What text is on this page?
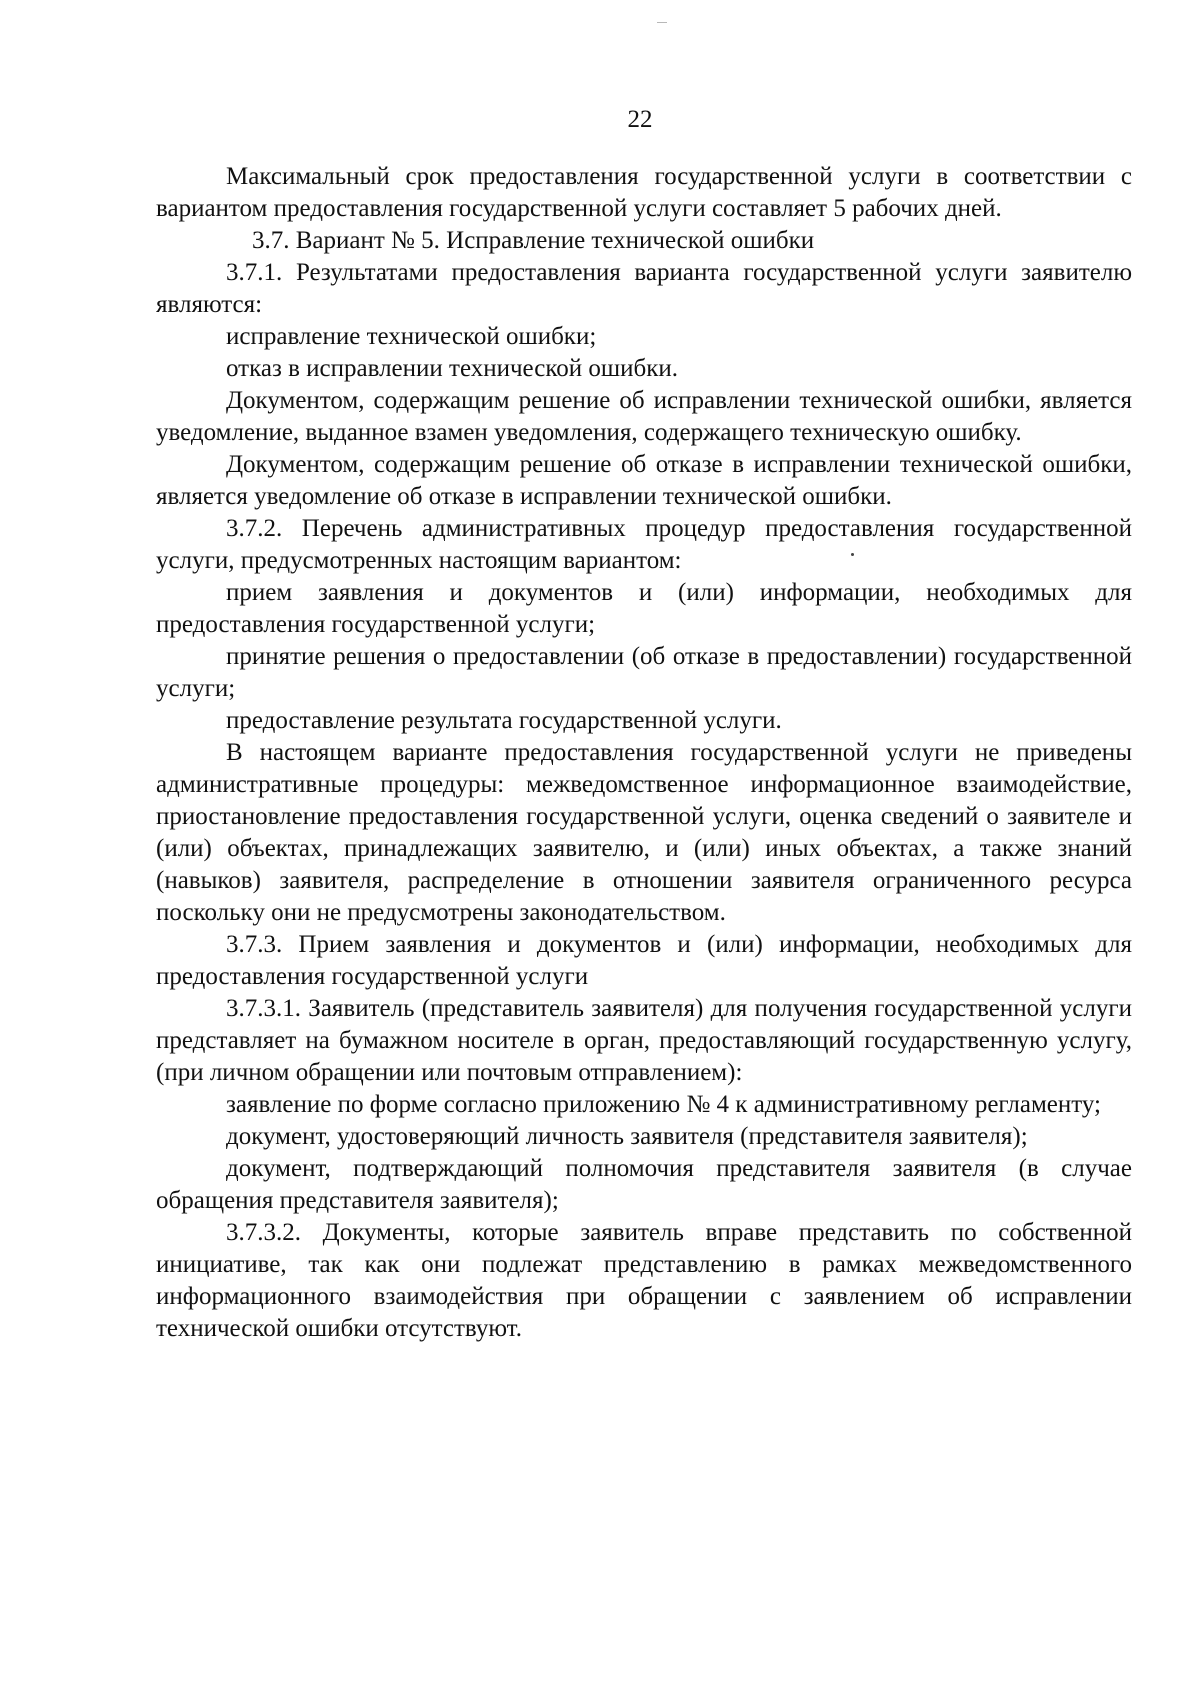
22

Максимальный срок предоставления государственной услуги в соответствии с вариантом предоставления государственной услуги составляет 5 рабочих дней.

3.7. Вариант № 5. Исправление технической ошибки

3.7.1. Результатами предоставления варианта государственной услуги заявителю являются:

исправление технической ошибки;

отказ в исправлении технической ошибки.

Документом, содержащим решение об исправлении технической ошибки, является уведомление, выданное взамен уведомления, содержащего техническую ошибку.

Документом, содержащим решение об отказе в исправлении технической ошибки, является уведомление об отказе в исправлении технической ошибки.

3.7.2. Перечень административных процедур предоставления государственной услуги, предусмотренных настоящим вариантом:

прием заявления и документов и (или) информации, необходимых для предоставления государственной услуги;

принятие решения о предоставлении (об отказе в предоставлении) государственной услуги;

предоставление результата государственной услуги.

В настоящем варианте предоставления государственной услуги не приведены административные процедуры: межведомственное информационное взаимодействие, приостановление предоставления государственной услуги, оценка сведений о заявителе и (или) объектах, принадлежащих заявителю, и (или) иных объектах, а также знаний (навыков) заявителя, распределение в отношении заявителя ограниченного ресурса поскольку они не предусмотрены законодательством.

3.7.3. Прием заявления и документов и (или) информации, необходимых для предоставления государственной услуги

3.7.3.1. Заявитель (представитель заявителя) для получения государственной услуги представляет на бумажном носителе в орган, предоставляющий государственную услугу, (при личном обращении или почтовым отправлением):

заявление по форме согласно приложению № 4 к административному регламенту;

документ, удостоверяющий личность заявителя (представителя заявителя);

документ, подтверждающий полномочия представителя заявителя (в случае обращения представителя заявителя);

3.7.3.2. Документы, которые заявитель вправе представить по собственной инициативе, так как они подлежат представлению в рамках межведомственного информационного взаимодействия при обращении с заявлением об исправлении технической ошибки отсутствуют.
